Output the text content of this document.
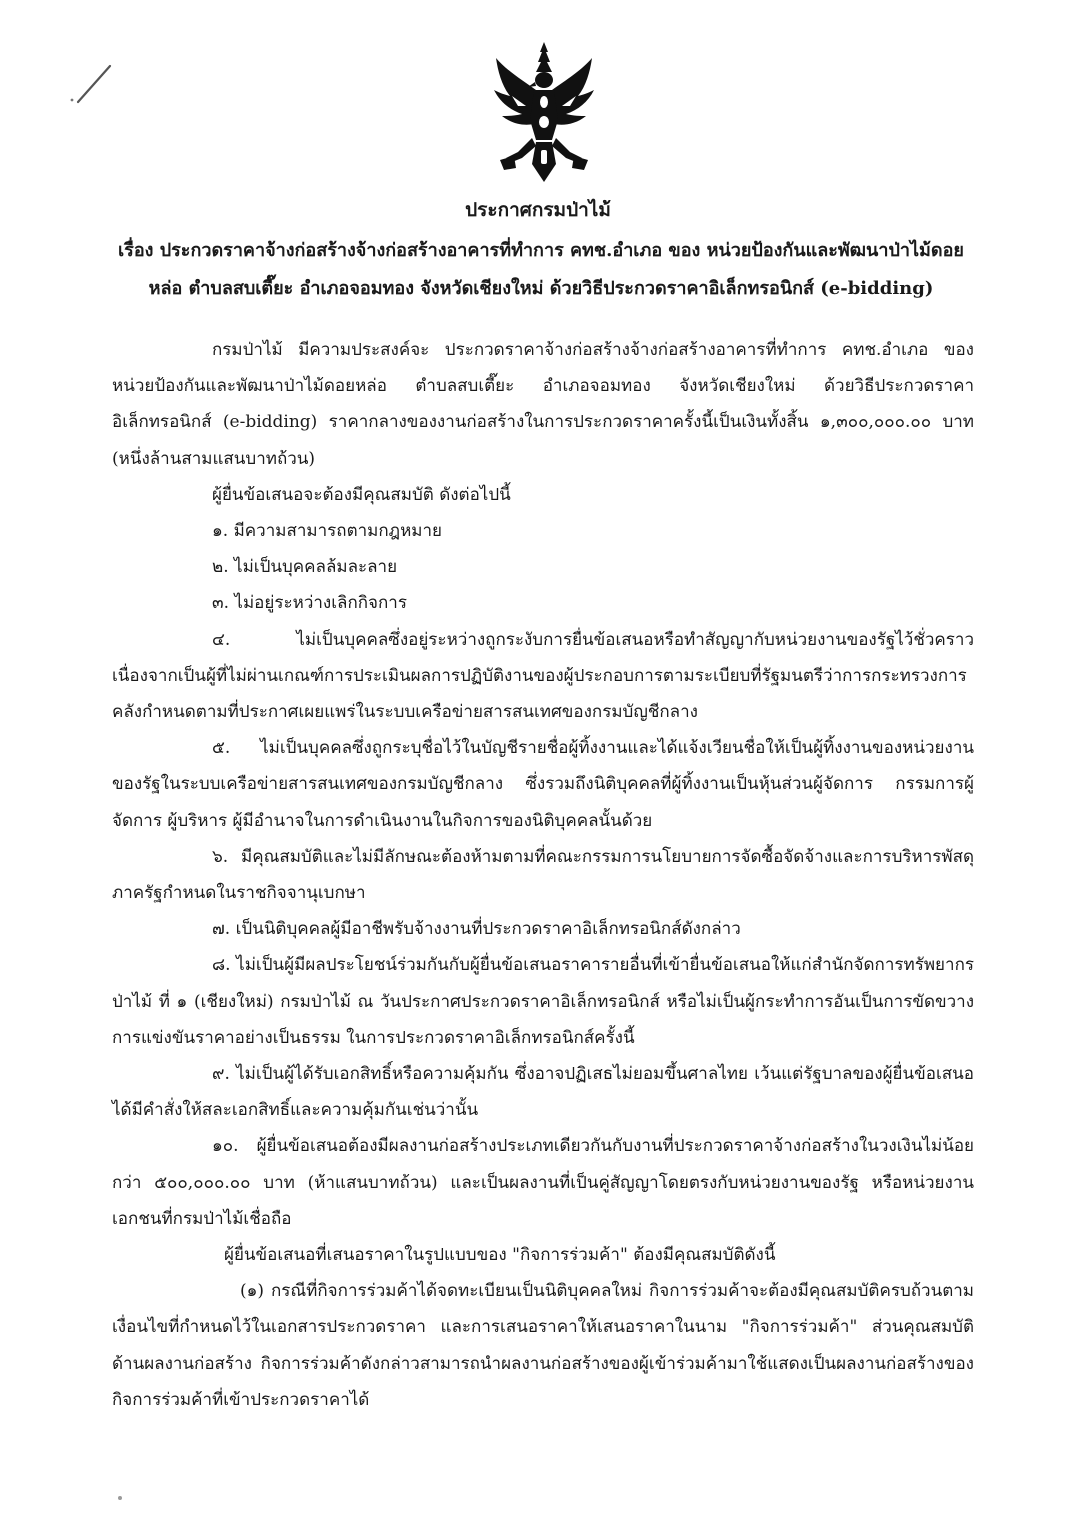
ประกาศกรมป่าไม้
เรื่อง ประกวดราคาจ้างก่อสร้างจ้างก่อสร้างอาคารที่ทำการ คทช.อำเภอ ของ หน่วยป้องกันและพัฒนาป่าไม้ดอย
หล่อ ตำบลสบเตี๊ยะ อำเภอจอมทอง จังหวัดเชียงใหม่ ด้วยวิธีประกวดราคาอิเล็กทรอนิกส์ (e-bidding)

กรมป่าไม้ มีความประสงค์จะ ประกวดราคาจ้างก่อสร้างจ้างก่อสร้างอาคารที่ทำการ คทช.อำเภอ ของหน่วยป้องกันและพัฒนาป่าไม้ดอยหล่อ ตำบลสบเตี๊ยะ อำเภอจอมทอง จังหวัดเชียงใหม่ ด้วยวิธีประกวดราคาอิเล็กทรอนิกส์ (e-bidding) ราคากลางของงานก่อสร้างในการประกวดราคาครั้งนี้เป็นเงินทั้งสิ้น ๑,๓๐๐,๐๐๐.๐๐ บาท (หนึ่งล้านสามแสนบาทถ้วน)

ผู้ยื่นข้อเสนอจะต้องมีคุณสมบัติ ดังต่อไปนี้

๑. มีความสามารถตามกฎหมาย

๒. ไม่เป็นบุคคลล้มละลาย

๓. ไม่อยู่ระหว่างเลิกกิจการ

๔. ไม่เป็นบุคคลซึ่งอยู่ระหว่างถูกระงับการยื่นข้อเสนอหรือทำสัญญากับหน่วยงานของรัฐไว้ชั่วคราว เนื่องจากเป็นผู้ที่ไม่ผ่านเกณฑ์การประเมินผลการปฏิบัติงานของผู้ประกอบการตามระเบียบที่รัฐมนตรีว่าการกระทรวงการคลังกำหนดตามที่ประกาศเผยแพร่ในระบบเครือข่ายสารสนเทศของกรมบัญชีกลาง

๕. ไม่เป็นบุคคลซึ่งถูกระบุชื่อไว้ในบัญชีรายชื่อผู้ทิ้งงานและได้แจ้งเวียนชื่อให้เป็นผู้ทิ้งงานของหน่วยงานของรัฐในระบบเครือข่ายสารสนเทศของกรมบัญชีกลาง ซึ่งรวมถึงนิติบุคคลที่ผู้ทิ้งงานเป็นหุ้นส่วนผู้จัดการ กรรมการผู้จัดการ ผู้บริหาร ผู้มีอำนาจในการดำเนินงานในกิจการของนิติบุคคลนั้นด้วย

๖. มีคุณสมบัติและไม่มีลักษณะต้องห้ามตามที่คณะกรรมการนโยบายการจัดซื้อจัดจ้างและการบริหารพัสดุภาครัฐกำหนดในราชกิจจานุเบกษา

๗. เป็นนิติบุคคลผู้มีอาชีพรับจ้างงานที่ประกวดราคาอิเล็กทรอนิกส์ดังกล่าว

๘. ไม่เป็นผู้มีผลประโยชน์ร่วมกันกับผู้ยื่นข้อเสนอราคารายอื่นที่เข้ายื่นข้อเสนอให้แก่สำนักจัดการทรัพยากรป่าไม้ ที่ ๑ (เชียงใหม่) กรมป่าไม้ ณ วันประกาศประกวดราคาอิเล็กทรอนิกส์ หรือไม่เป็นผู้กระทำการอันเป็นการขัดขวางการแข่งขันราคาอย่างเป็นธรรม ในการประกวดราคาอิเล็กทรอนิกส์ครั้งนี้

๙. ไม่เป็นผู้ได้รับเอกสิทธิ์หรือความคุ้มกัน ซึ่งอาจปฏิเสธไม่ยอมขึ้นศาลไทย เว้นแต่รัฐบาลของผู้ยื่นข้อเสนอได้มีคำสั่งให้สละเอกสิทธิ์และความคุ้มกันเช่นว่านั้น

๑๐. ผู้ยื่นข้อเสนอต้องมีผลงานก่อสร้างประเภทเดียวกันกับงานที่ประกวดราคาจ้างก่อสร้างในวงเงินไม่น้อยกว่า ๕๐๐,๐๐๐.๐๐ บาท (ห้าแสนบาทถ้วน) และเป็นผลงานที่เป็นคู่สัญญาโดยตรงกับหน่วยงานของรัฐ หรือหน่วยงานเอกชนที่กรมป่าไม้เชื่อถือ

ผู้ยื่นข้อเสนอที่เสนอราคาในรูปแบบของ "กิจการร่วมค้า" ต้องมีคุณสมบัติดังนี้

(๑) กรณีที่กิจการร่วมค้าได้จดทะเบียนเป็นนิติบุคคลใหม่ กิจการร่วมค้าจะต้องมีคุณสมบัติครบถ้วนตามเงื่อนไขที่กำหนดไว้ในเอกสารประกวดราคา และการเสนอราคาให้เสนอราคาในนาม "กิจการร่วมค้า" ส่วนคุณสมบัติด้านผลงานก่อสร้าง กิจการร่วมค้าดังกล่าวสามารถนำผลงานก่อสร้างของผู้เข้าร่วมค้ามาใช้แสดงเป็นผลงานก่อสร้างของกิจการร่วมค้าที่เข้าประกวดราคาได้
